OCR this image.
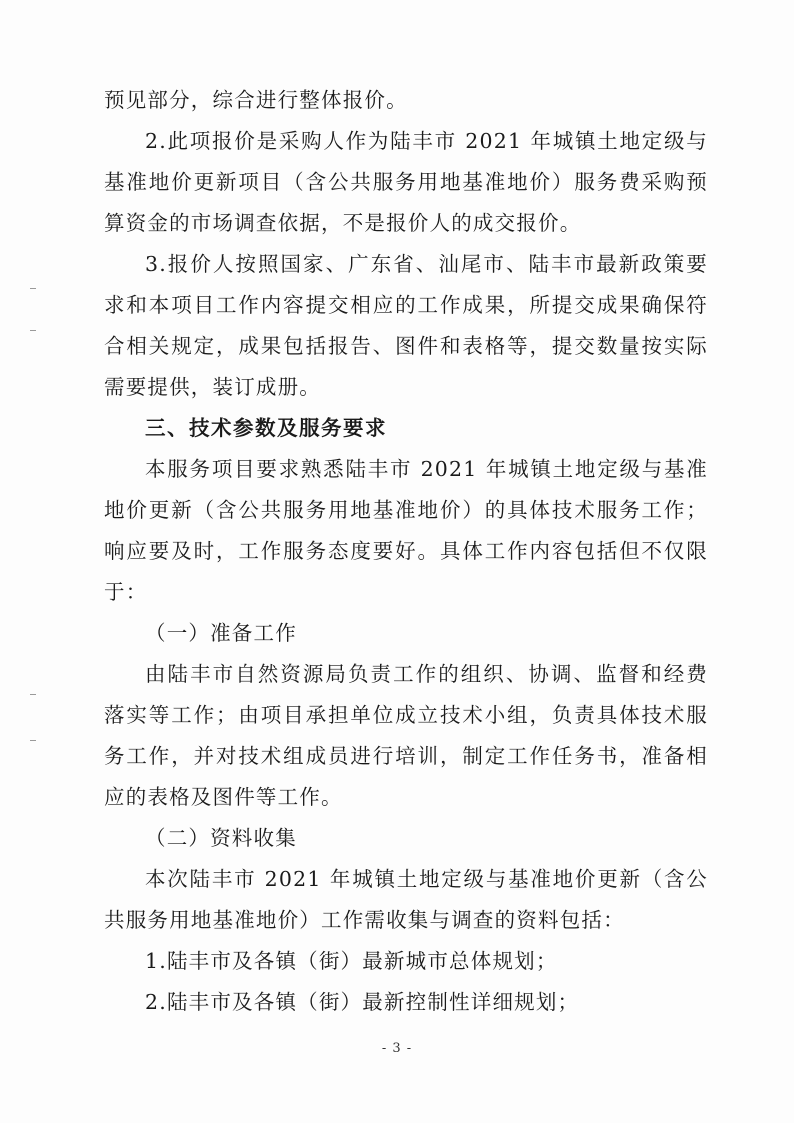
预见部分，综合进行整体报价。

2.此项报价是采购人作为陆丰市 2021 年城镇土地定级与基准地价更新项目（含公共服务用地基准地价）服务费采购预算资金的市场调查依据，不是报价人的成交报价。

3.报价人按照国家、广东省、汕尾市、陆丰市最新政策要求和本项目工作内容提交相应的工作成果，所提交成果确保符合相关规定，成果包括报告、图件和表格等，提交数量按实际需要提供，装订成册。

三、技术参数及服务要求

本服务项目要求熟悉陆丰市 2021 年城镇土地定级与基准地价更新（含公共服务用地基准地价）的具体技术服务工作；响应要及时，工作服务态度要好。具体工作内容包括但不仅限于：

（一）准备工作

由陆丰市自然资源局负责工作的组织、协调、监督和经费落实等工作；由项目承担单位成立技术小组，负责具体技术服务工作，并对技术组成员进行培训，制定工作任务书，准备相应的表格及图件等工作。

（二）资料收集

本次陆丰市 2021 年城镇土地定级与基准地价更新（含公共服务用地基准地价）工作需收集与调查的资料包括：

1.陆丰市及各镇（街）最新城市总体规划；

2.陆丰市及各镇（街）最新控制性详细规划；

- 3 -
